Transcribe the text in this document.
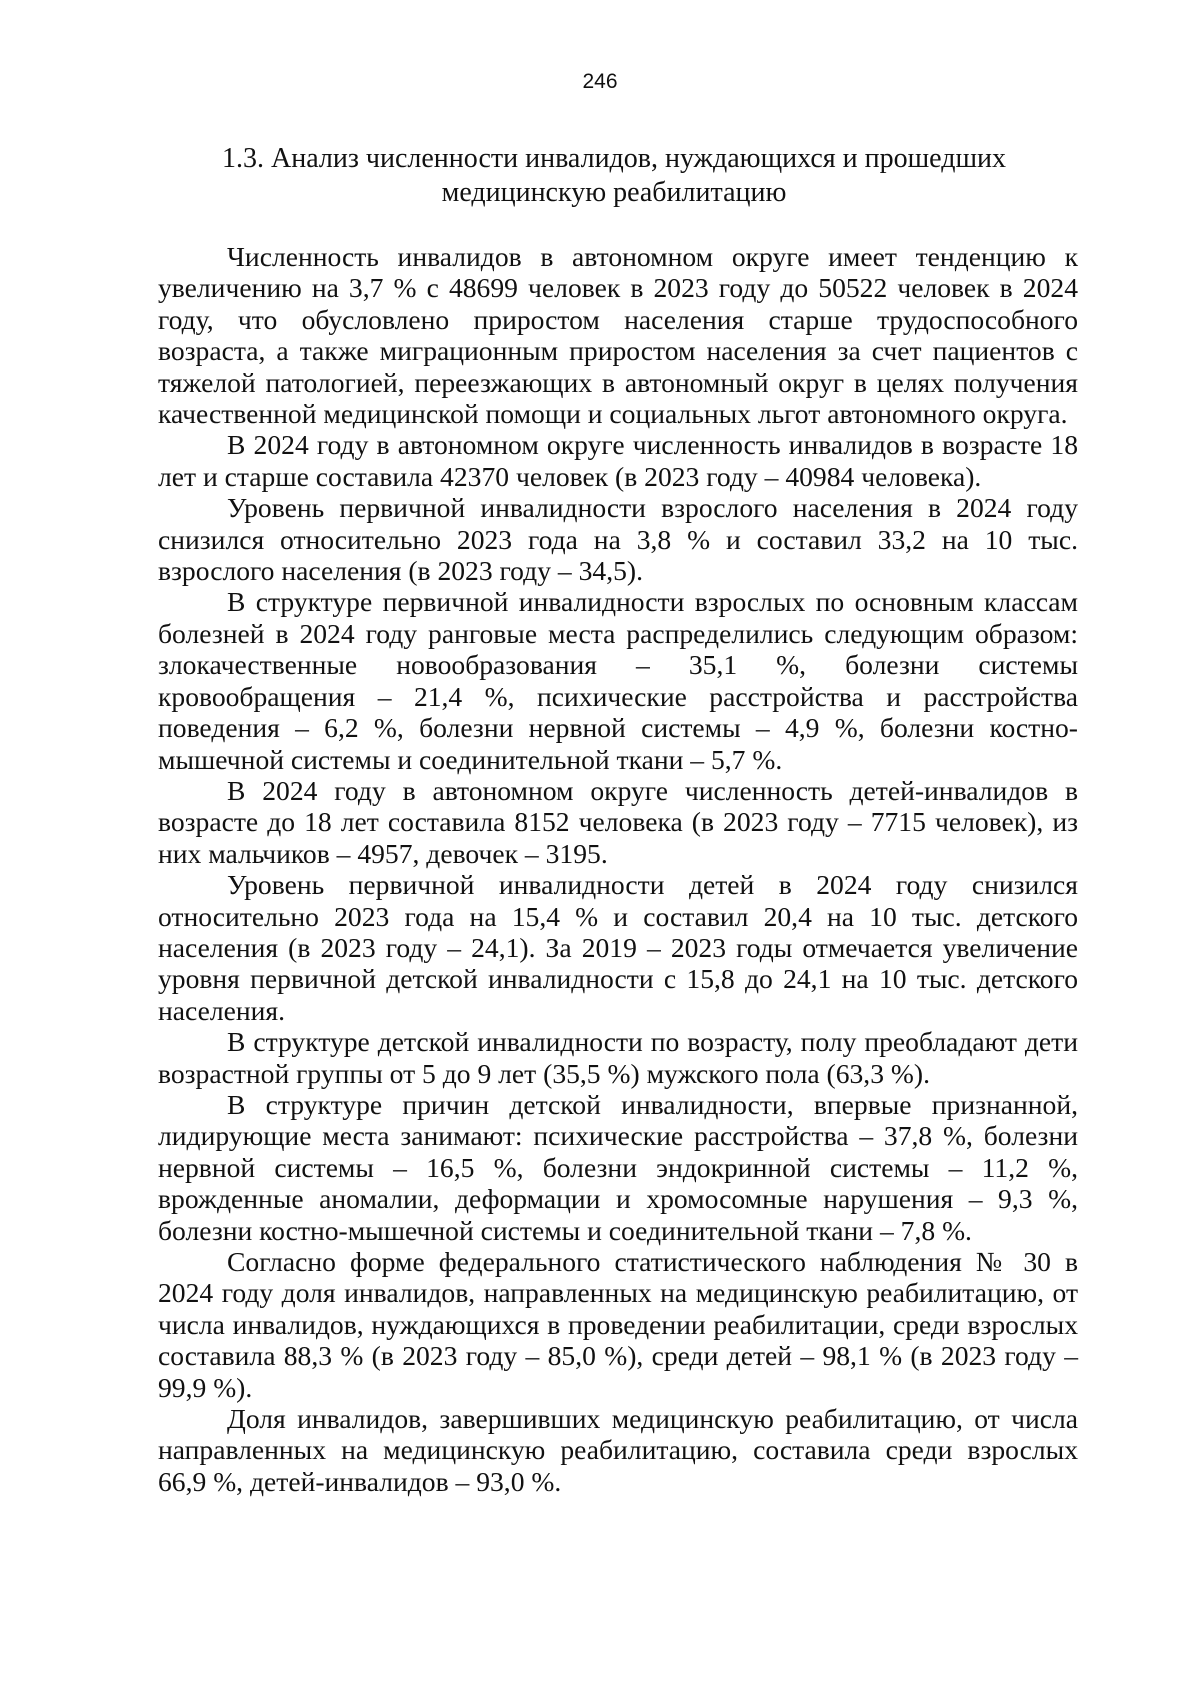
246
1.3. Анализ численности инвалидов, нуждающихся и прошедших
медицинскую реабилитацию

Численность инвалидов в автономном округе имеет тенденцию к увеличению на 3,7 % с 48699 человек в 2023 году до 50522 человек в 2024 году, что обусловлено приростом населения старше трудоспособного возраста, а также миграционным приростом населения за счет пациентов с тяжелой патологией, переезжающих в автономный округ в целях получения качественной медицинской помощи и социальных льгот автономного округа.

В 2024 году в автономном округе численность инвалидов в возрасте 18 лет и старше составила 42370 человек (в 2023 году – 40984 человека).

Уровень первичной инвалидности взрослого населения в 2024 году снизился относительно 2023 года на 3,8 % и составил 33,2 на 10 тыс. взрослого населения (в 2023 году – 34,5).

В структуре первичной инвалидности взрослых по основным классам болезней в 2024 году ранговые места распределились следующим образом: злокачественные новообразования – 35,1 %, болезни системы кровообращения – 21,4 %, психические расстройства и расстройства поведения – 6,2 %, болезни нервной системы – 4,9 %, болезни костно-мышечной системы и соединительной ткани – 5,7 %.

В 2024 году в автономном округе численность детей-инвалидов в возрасте до 18 лет составила 8152 человека (в 2023 году – 7715 человек), из них мальчиков – 4957, девочек – 3195.

Уровень первичной инвалидности детей в 2024 году снизился относительно 2023 года на 15,4 % и составил 20,4 на 10 тыс. детского населения (в 2023 году – 24,1). За 2019 – 2023 годы отмечается увеличение уровня первичной детской инвалидности с 15,8 до 24,1 на 10 тыс. детского населения.

В структуре детской инвалидности по возрасту, полу преобладают дети возрастной группы от 5 до 9 лет (35,5 %) мужского пола (63,3 %).

В структуре причин детской инвалидности, впервые признанной, лидирующие места занимают: психические расстройства – 37,8 %, болезни нервной системы – 16,5 %, болезни эндокринной системы – 11,2 %, врожденные аномалии, деформации и хромосомные нарушения – 9,3 %, болезни костно-мышечной системы и соединительной ткани – 7,8 %.

Согласно форме федерального статистического наблюдения № 30 в 2024 году доля инвалидов, направленных на медицинскую реабилитацию, от числа инвалидов, нуждающихся в проведении реабилитации, среди взрослых составила 88,3 % (в 2023 году – 85,0 %), среди детей – 98,1 % (в 2023 году – 99,9 %).

Доля инвалидов, завершивших медицинскую реабилитацию, от числа направленных на медицинскую реабилитацию, составила среди взрослых 66,9 %, детей-инвалидов – 93,0 %.
